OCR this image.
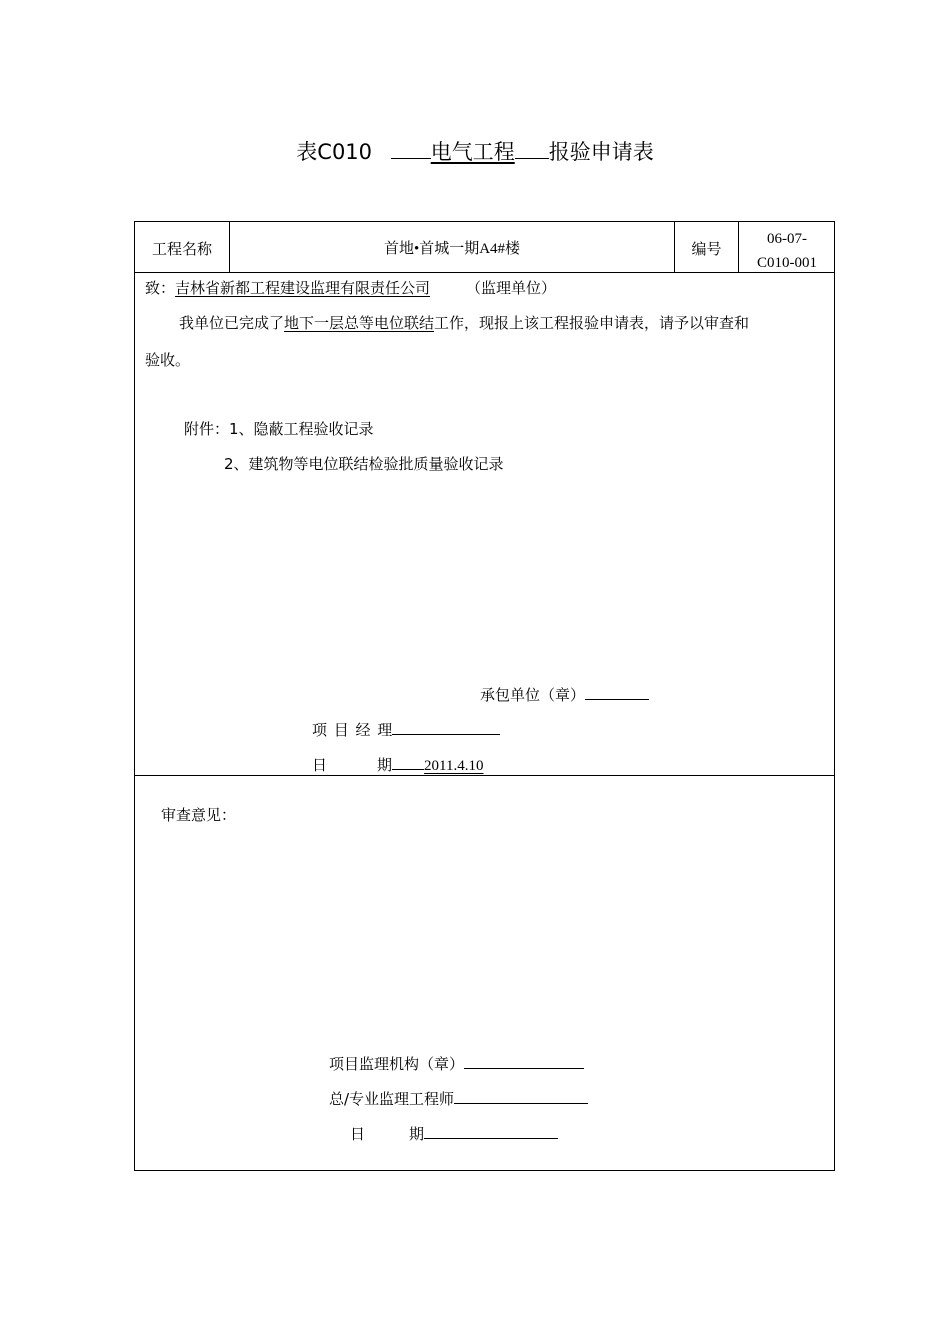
表C010	电气工程 报验申请表
工程名称	首地•首城一期A4#楼	编号
06-07-
C010-001
致：吉林省新都工程建设监理有限责任公司 （监理单位）
我单位已完成了地下一层总等电位联结工作，现报上该工程报验申请表，请予以审查和
验收。
附件：1、隐蔽工程验收记录
2、建筑物等电位联结检验批质量验收记录
承包单位（章）
项 目 经 理
日	期 2011.4.10
审查意见：
项目监理机构（章）
总/专业监理工程师
日	期
